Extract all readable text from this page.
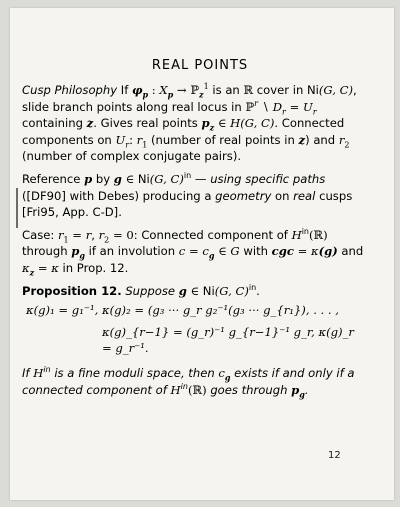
12
REAL POINTS

Cusp Philosophy If $\varphi_p$ : $X_p$ → ℙ$_z^1$ is an ℝ cover in Ni(G, C), slide branch points along real locus in ℙ$^r$ ∖ $D_r = U_r$ containing z. Gives real points $p_z$ ∈ H(G, C). Connected components on $U_r$: $r_1$ (number of real points in z) and $r_2$ (number of complex conjugate pairs).

Reference p by g ∈ Ni(G, C)$^{in}$ — using specific paths ([DF90] with Debes) producing a geometry on real cusps [Fri95, App. C-D].

Case: $r_1 = r$, $r_2 = 0$: Connected component of $H^{in}(ℝ)$ through $p_g$ if an involution $c = c_g$ ∈ G with cgc = κ(g) and $\kappa_z = \kappa$ in Prop. 12.

Proposition 12. Suppose g ∈ Ni(G, C)$^{in}$.

κ(g)₁ = g₁⁻¹, κ(g)₂ = (g₃ ··· g_r g₂⁻¹(g₃ ··· g_{r₁}), . . . ,
κ(g)_{r−1} = (g_r)⁻¹ g_{r−1}⁻¹ g_r, κ(g)_r = g_r⁻¹.

If $H^{in}$ is a fine moduli space, then $c_g$ exists if and only if a connected component of $H^{in}(ℝ)$ goes through $p_g$.
